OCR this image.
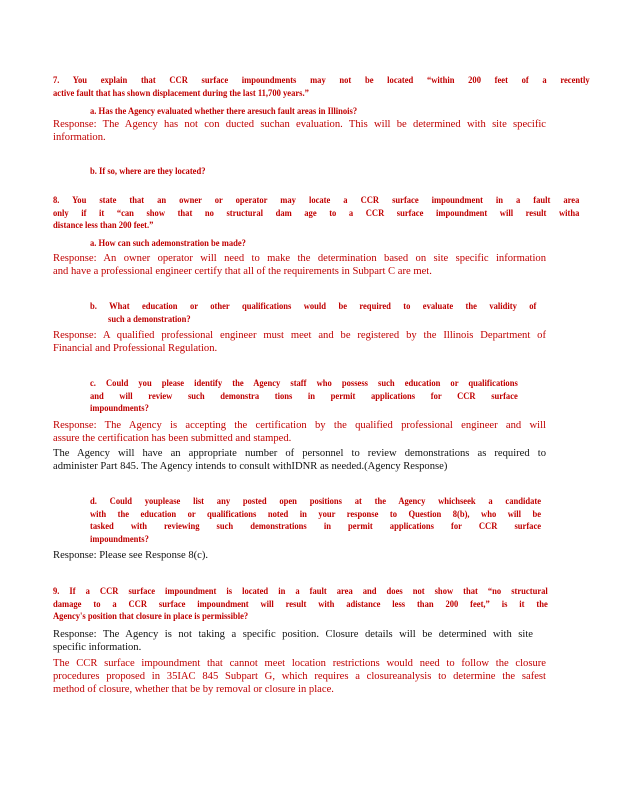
7. You explain that CCR surface impoundments may not be located “within 200 feet of a recently
active fault that has shown displacement during the last 11,700 years.”
a. Has the Agency evaluated whether there aresuch fault areas in Illinois?
Response: The Agency has not con ducted suchan evaluation. This will be determined with site specific
information.
b. If so, where are they located?
8. You state that an owner or operator may locate a CCR surface impoundment in a fault area
only if it “can show that no structural dam age to a CCR surface impoundment will result witha
distance less than 200 feet.”
a. How can such ademonstration be made?
Response: An owner operator will need to make the determination based on site specific information
and have a professional engineer certify that all of the requirements in Subpart C are met.
b. What education or other qualifications would be required to evaluate the validity of
such a demonstration?
Response: A qualified professional engineer must meet and be registered by the Illinois Department of
Financial and Professional Regulation.
c. Could you please identify the Agency staff who possess such education or qualifications
and will review such demonstra tions in permit applications for CCR surface
impoundments?
Response: The Agency is accepting the certification by the qualified professional engineer and will
assure the certification has been submitted and stamped.
The Agency will have an appropriate number of personnel to review demonstrations as required to
administer Part 845. The Agency intends to consult withIDNR as needed.(Agency Response)
d. Could youplease list any posted open positions at the Agency whichseek a candidate
with the education or qualifications noted in your response to Question 8(b), who will be
tasked with reviewing such demonstrations in permit applications for CCR surface
impoundments?
Response: Please see Response 8(c).
9. If a CCR surface impoundment is located in a fault area and does not show that “no structural
damage to a CCR surface impoundment will result with adistance less than 200 feet,” is it the
Agency's position that closure in place is permissible?
Response: The Agency is not taking a specific position. Closure details will be determined with site
specific information.
The CCR surface impoundment that cannot meet location restrictions would need to follow the closure
procedures proposed in 35IAC 845 Subpart G, which requires a closureanalysis to determine the safest
method of closure, whether that be by removal or closure in place.
